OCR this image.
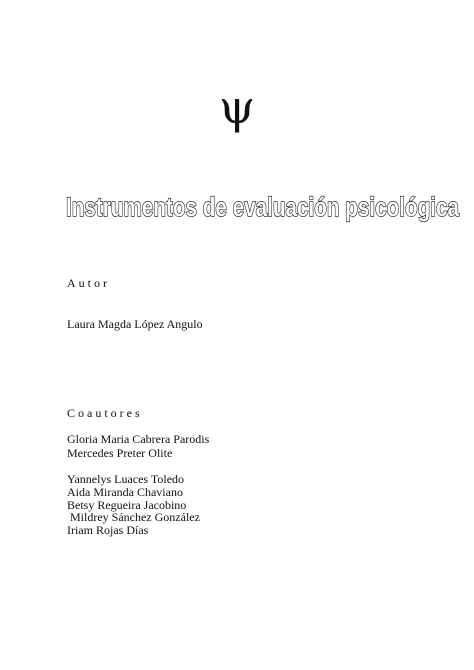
ψ
Instrumentos de evaluación psicológica
Autor
Laura Magda López Angulo
Coautores
Gloria Maria Cabrera Parodis
Mercedes Preter Olite
Yannelys Luaces Toledo
Aida Miranda Chaviano
Betsy Regueira Jacobino
Mildrey Sánchez González
Iriam Rojas Días
